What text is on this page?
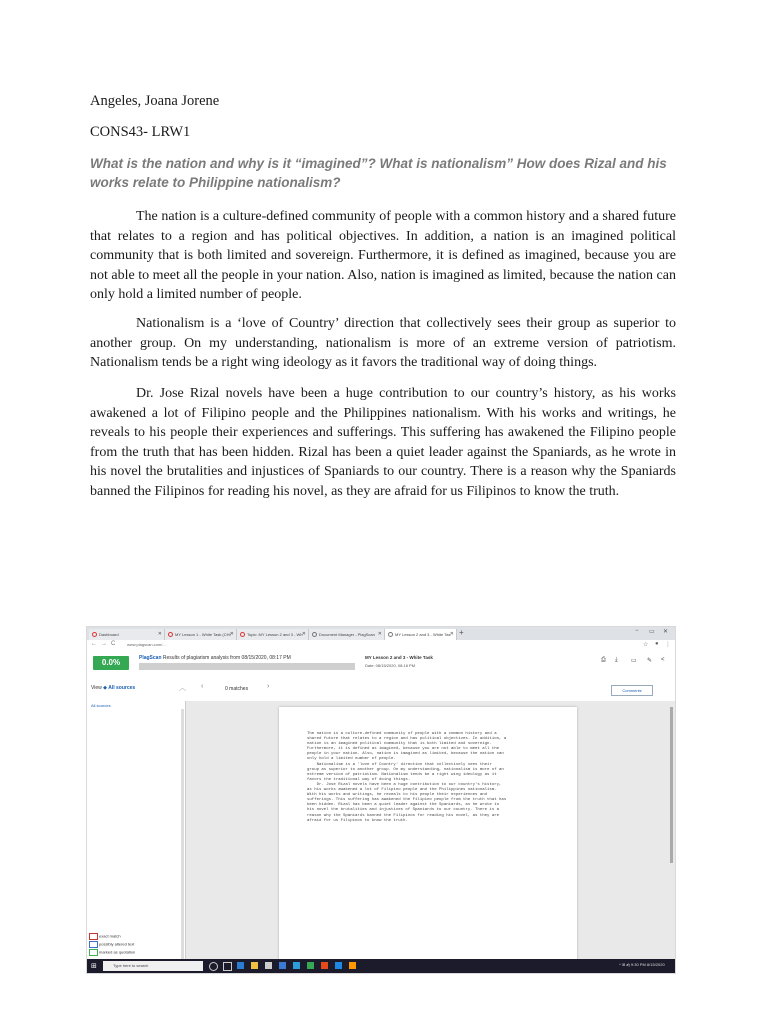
Angeles, Joana Jorene
CONS43- LRW1
What is the nation and why is it “imagined”? What is nationalism” How does Rizal and his works relate to Philippine nationalism?

The nation is a culture-defined community of people with a common history and a shared future that relates to a region and has political objectives. In addition, a nation is an imagined political community that is both limited and sovereign. Furthermore, it is defined as imagined, because you are not able to meet all the people in your nation. Also, nation is imagined as limited, because the nation can only hold a limited number of people.

Nationalism is a ‘love of Country’ direction that collectively sees their group as superior to another group. On my understanding, nationalism is more of an extreme version of patriotism. Nationalism tends be a right wing ideology as it favors the traditional way of doing things.

Dr. Jose Rizal novels have been a huge contribution to our country’s history, as his works awakened a lot of Filipino people and the Philippines nationalism. With his works and writings, he reveals to his people their experiences and sufferings. This suffering has awakened the Filipino people from the truth that has been hidden. Rizal has been a quiet leader against the Spaniards, as he wrote in his novel the brutalities and injustices of Spaniards to our country. There is a reason why the Spaniards banned the Filipinos for reading his novel, as they are afraid for us Filipinos to know the truth.

Dashboard	✕	MY Lesson 1 - White Task (CHI ✕	Topic: MY Lesson 2 and 3 - Wh ✕	Document Manager - PlagScan ✕	MY Lesson 2 and 3 - White Tas ✕ +	− ▭ ✕
← → C	www.plagscan.com/...	☆ ● ⋮
0.0%	PlagScan Results of plagiarism analysis from 08/15/2020, 08:17 PM	MY Lesson 2 and 3 - White Task
Date: 08/15/2020, 08:16 PM
⎙ ⤓ ▭ ✎ <
View ◆ All sources	︿ ‹	0 matches	›
Comments
All sources
exact match
possibly altered text
marked as quotation
The nation is a culture-defined community of people with a common history and a
shared future that relates to a region and has political objectives. In addition, a
nation is an imagined political community that is both limited and sovereign.
Furthermore, it is defined as imagined, because you are not able to meet all the
people in your nation. Also, nation is imagined as limited, because the nation can
only hold a limited number of people.
Nationalism is a 'love of Country' direction that collectively sees their
group as superior to another group. On my understanding, nationalism is more of an
extreme version of patriotism. Nationalism tends be a right wing ideology as it
favors the traditional way of doing things.
Dr. Jose Rizal novels have been a huge contribution to our country's history,
as his works awakened a lot of Filipino people and the Philippines nationalism.
With his works and writings, he reveals to his people their experiences and
sufferings. This suffering has awakened the Filipino people from the truth that has
been hidden. Rizal has been a quiet leader against the Spaniards, as he wrote in
his novel the brutalities and injustices of Spaniards to our country. There is a
reason why the Spaniards banned the Filipinos for reading his novel, as they are
afraid for us Filipinos to know the truth.
⊞	Type here to search	^ ⊞ 𝒹) 9:30 PM 8/15/2020
